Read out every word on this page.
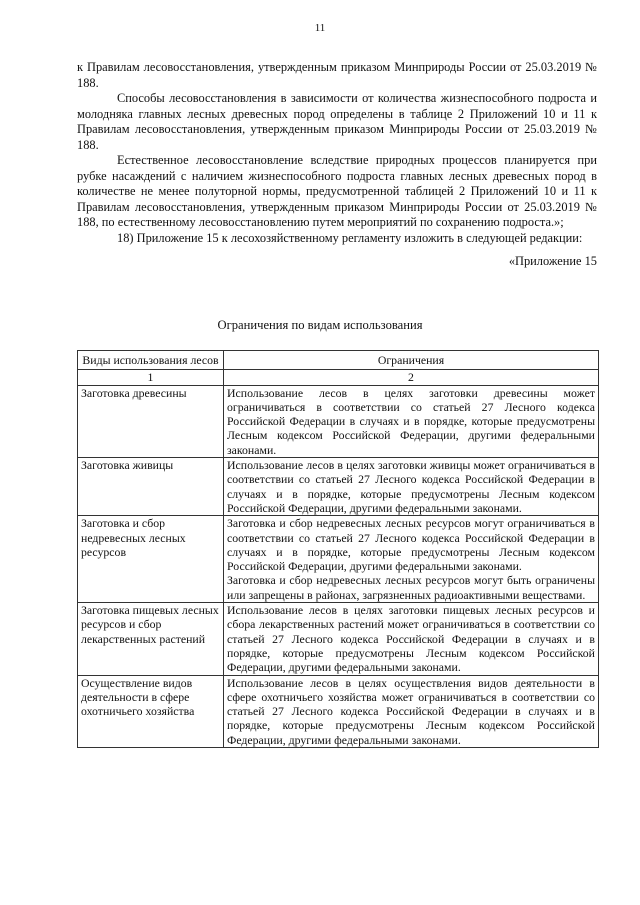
11

к Правилам лесовосстановления, утвержденным приказом Минприроды России от 25.03.2019 № 188.

Способы лесовосстановления в зависимости от количества жизнеспособного подроста и молодняка главных лесных древесных пород определены в таблице 2 Приложений 10 и 11 к Правилам лесовосстановления, утвержденным приказом Минприроды России от 25.03.2019 № 188.

Естественное лесовосстановление вследствие природных процессов планируется при рубке насаждений с наличием жизнеспособного подроста главных лесных древесных пород в количестве не менее полуторной нормы, предусмотренной таблицей 2 Приложений 10 и 11 к Правилам лесовосстановления, утвержденным приказом Минприроды России от 25.03.2019 № 188, по естественному лесовосстановлению путем мероприятий по сохранению подроста.»;

18) Приложение 15 к лесохозяйственному регламенту изложить в следующей редакции:

«Приложение 15

Ограничения по видам использования
Виды использования лесов	Ограничения
1	2
Заготовка древесины	Использование лесов в целях заготовки древесины может ограничиваться в соответствии со статьей 27 Лесного кодекса Российской Федерации в случаях и в порядке, которые предусмотрены Лесным кодексом Российской Федерации, другими федеральными законами.

Заготовка живицы	Использование лесов в целях заготовки живицы может ограничиваться в соответствии со статьей 27 Лесного кодекса Российской Федерации в случаях и в порядке, которые предусмотрены Лесным кодексом Российской Федерации, другими федеральными законами.

Заготовка и сбор недревесных лесных ресурсов	Заготовка и сбор недревесных лесных ресурсов могут ограничиваться в соответствии со статьей 27 Лесного кодекса Российской Федерации в случаях и в порядке, которые предусмотрены Лесным кодексом Российской Федерации, другими федеральными законами.

Заготовка и сбор недревесных лесных ресурсов могут быть ограничены или запрещены в районах, загрязненных радиоактивными веществами.

Заготовка пищевых лесных ресурсов и сбор лекарственных растений	Использование лесов в целях заготовки пищевых лесных ресурсов и сбора лекарственных растений может ограничиваться в соответствии со статьей 27 Лесного кодекса Российской Федерации в случаях и в порядке, которые предусмотрены Лесным кодексом Российской Федерации, другими федеральными законами.

Осуществление видов деятельности в сфере охотничьего хозяйства	Использование лесов в целях осуществления видов деятельности в сфере охотничьего хозяйства может ограничиваться в соответствии со статьей 27 Лесного кодекса Российской Федерации в случаях и в порядке, которые предусмотрены Лесным кодексом Российской Федерации, другими федеральными законами.
